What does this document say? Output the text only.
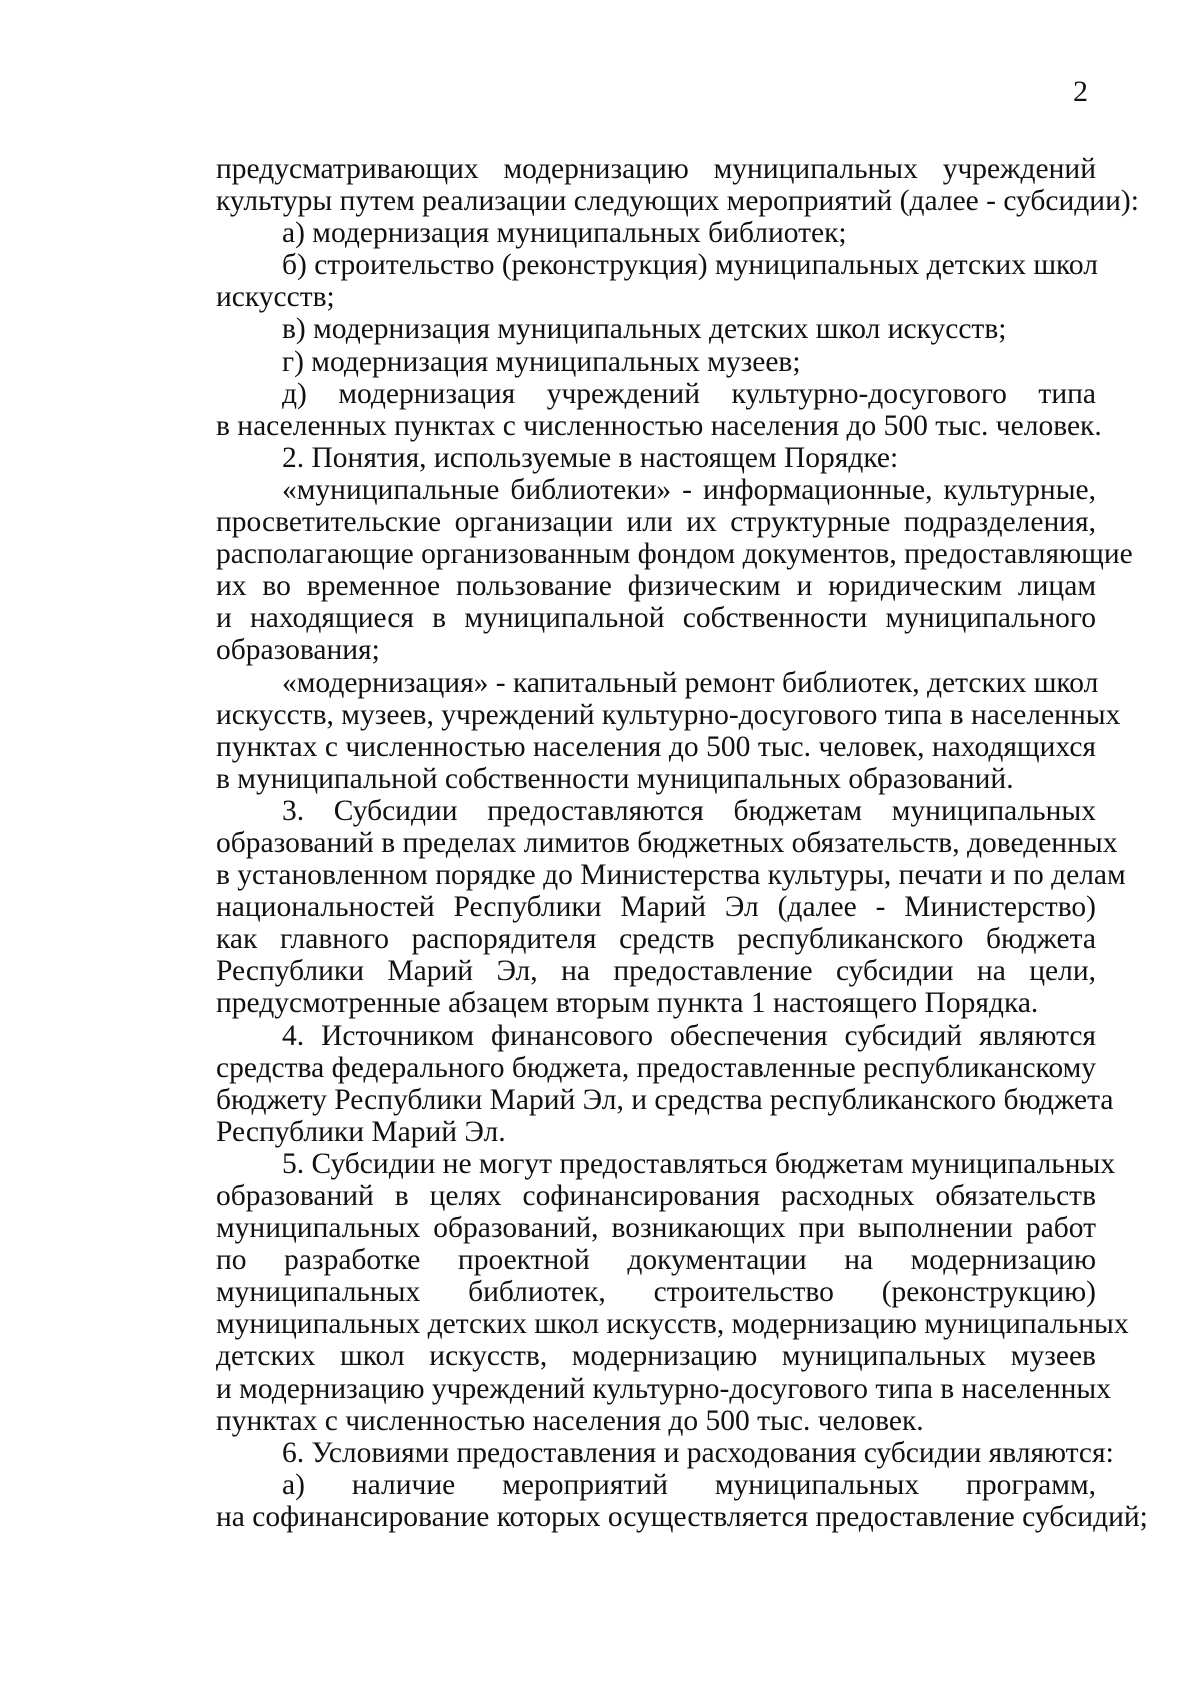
2
предусматривающих модернизацию муниципальных учреждений
культуры путем реализации следующих мероприятий (далее - субсидии):
а) модернизация муниципальных библиотек;
б) строительство (реконструкция) муниципальных детских школ
искусств;
в) модернизация муниципальных детских школ искусств;
г) модернизация муниципальных музеев;
д) модернизация учреждений культурно-досугового типа
в населенных пунктах с численностью населения до 500 тыс. человек.
2. Понятия, используемые в настоящем Порядке:
«муниципальные библиотеки» - информационные, культурные,
просветительские организации или их структурные подразделения,
располагающие организованным фондом документов, предоставляющие
их во временное пользование физическим и юридическим лицам
и находящиеся в муниципальной собственности муниципального
образования;
«модернизация» - капитальный ремонт библиотек, детских школ
искусств, музеев, учреждений культурно-досугового типа в населенных
пунктах с численностью населения до 500 тыс. человек, находящихся
в муниципальной собственности муниципальных образований.
3. Субсидии предоставляются бюджетам муниципальных
образований в пределах лимитов бюджетных обязательств, доведенных
в установленном порядке до Министерства культуры, печати и по делам
национальностей Республики Марий Эл (далее - Министерство)
как главного распорядителя средств республиканского бюджета
Республики Марий Эл, на предоставление субсидии на цели,
предусмотренные абзацем вторым пункта 1 настоящего Порядка.
4. Источником финансового обеспечения субсидий являются
средства федерального бюджета, предоставленные республиканскому
бюджету Республики Марий Эл, и средства республиканского бюджета
Республики Марий Эл.
5. Субсидии не могут предоставляться бюджетам муниципальных
образований в целях софинансирования расходных обязательств
муниципальных образований, возникающих при выполнении работ
по разработке проектной документации на модернизацию
муниципальных библиотек, строительство (реконструкцию)
муниципальных детских школ искусств, модернизацию муниципальных
детских школ искусств, модернизацию муниципальных музеев
и модернизацию учреждений культурно-досугового типа в населенных
пунктах с численностью населения до 500 тыс. человек.
6. Условиями предоставления и расходования субсидии являются:
а) наличие мероприятий муниципальных программ,
на софинансирование которых осуществляется предоставление субсидий;
